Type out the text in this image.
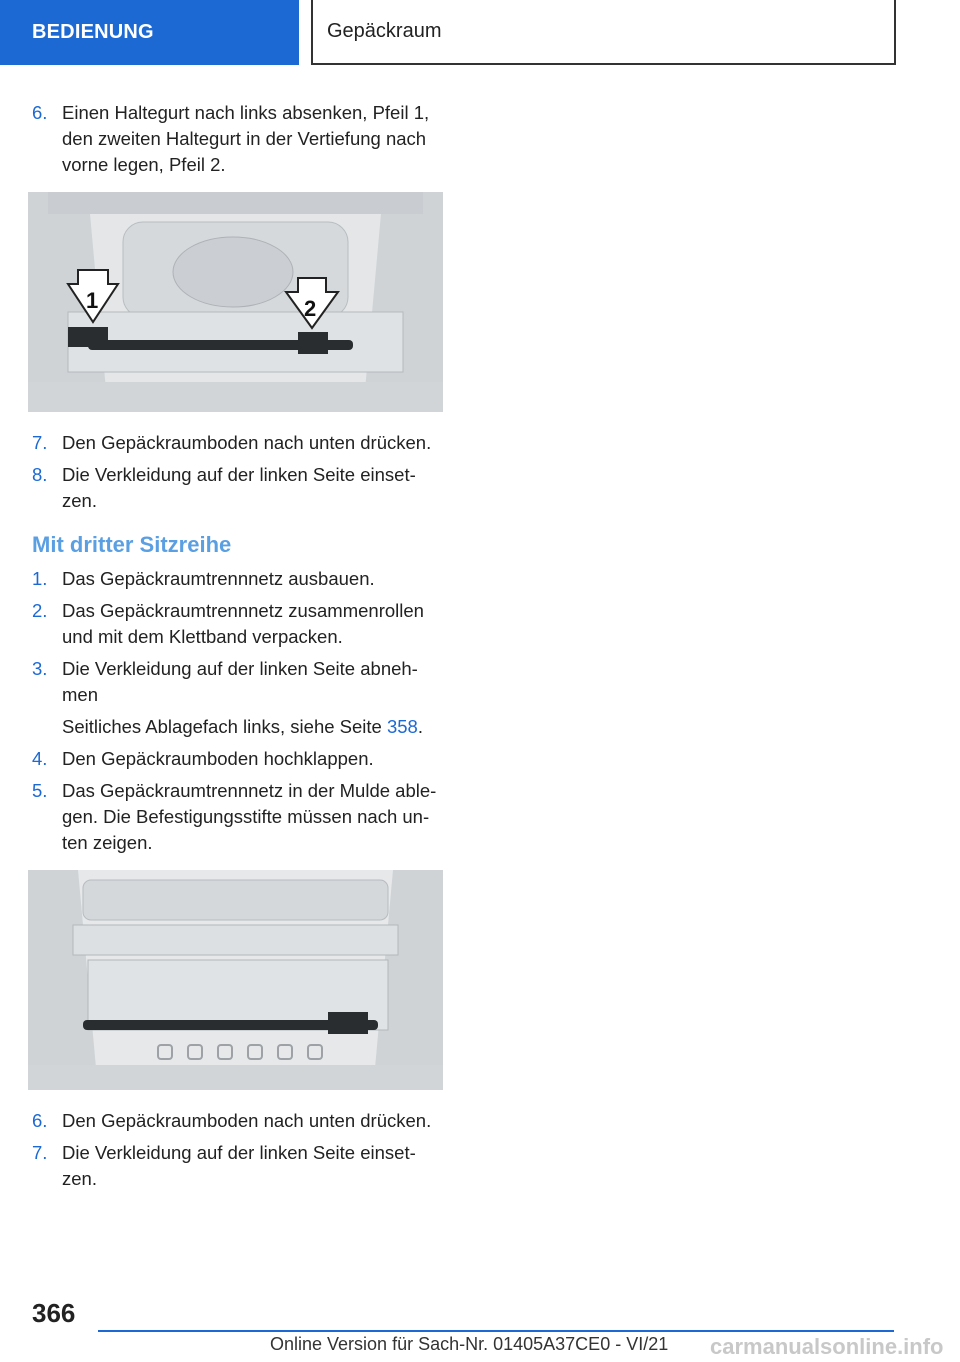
BEDIENUNG	Gepäckraum
6. Einen Haltegurt nach links absenken, Pfeil 1, den zweiten Haltegurt in der Vertiefung nach vorne legen, Pfeil 2.
1	2
7. Den Gepäckraumboden nach unten drücken.
8. Die Verkleidung auf der linken Seite einset‐ zen.
Mit dritter Sitzreihe
1. Das Gepäckraumtrennnetz ausbauen.
2. Das Gepäckraumtrennnetz zusammenrollen und mit dem Klettband verpacken.
3. Die Verkleidung auf der linken Seite abneh‐ men
Seitliches Ablagefach links, siehe Seite 358.
4. Den Gepäckraumboden hochklappen.
5. Das Gepäckraumtrennnetz in der Mulde able‐ gen. Die Befestigungsstifte müssen nach un‐ ten zeigen.
6. Den Gepäckraumboden nach unten drücken.
7. Die Verkleidung auf der linken Seite einset‐ zen.
366
Online Version für Sach-Nr. 01405A37CE0 - VI/21 carmanualsonline.info
